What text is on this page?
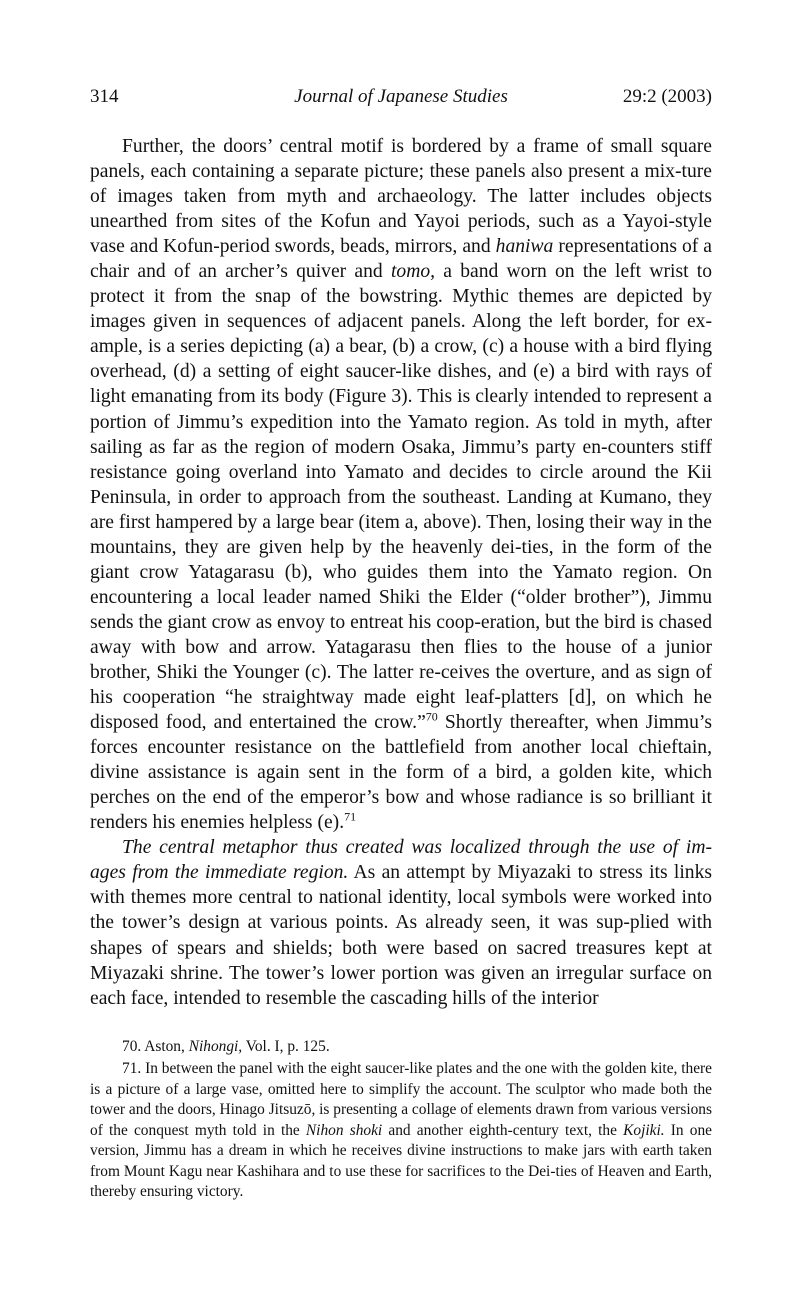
314	Journal of Japanese Studies	29:2 (2003)

Further, the doors’ central motif is bordered by a frame of small square panels, each containing a separate picture; these panels also present a mix-ture of images taken from myth and archaeology. The latter includes objects unearthed from sites of the Kofun and Yayoi periods, such as a Yayoi-style vase and Kofun-period swords, beads, mirrors, and haniwa representations of a chair and of an archer’s quiver and tomo, a band worn on the left wrist to protect it from the snap of the bowstring. Mythic themes are depicted by images given in sequences of adjacent panels. Along the left border, for ex-ample, is a series depicting (a) a bear, (b) a crow, (c) a house with a bird flying overhead, (d) a setting of eight saucer-like dishes, and (e) a bird with rays of light emanating from its body (Figure 3). This is clearly intended to represent a portion of Jimmu’s expedition into the Yamato region. As told in myth, after sailing as far as the region of modern Osaka, Jimmu’s party en-counters stiff resistance going overland into Yamato and decides to circle around the Kii Peninsula, in order to approach from the southeast. Landing at Kumano, they are first hampered by a large bear (item a, above). Then, losing their way in the mountains, they are given help by the heavenly dei-ties, in the form of the giant crow Yatagarasu (b), who guides them into the Yamato region. On encountering a local leader named Shiki the Elder (“older brother”), Jimmu sends the giant crow as envoy to entreat his coop-eration, but the bird is chased away with bow and arrow. Yatagarasu then flies to the house of a junior brother, Shiki the Younger (c). The latter re-ceives the overture, and as sign of his cooperation “he straightway made eight leaf-platters [d], on which he disposed food, and entertained the crow.”$^{70}$ Shortly thereafter, when Jimmu’s forces encounter resistance on the battlefield from another local chieftain, divine assistance is again sent in the form of a bird, a golden kite, which perches on the end of the emperor’s bow and whose radiance is so brilliant it renders his enemies helpless (e).$^{71}$

The central metaphor thus created was localized through the use of im-ages from the immediate region. As an attempt by Miyazaki to stress its links with themes more central to national identity, local symbols were worked into the tower’s design at various points. As already seen, it was sup-plied with shapes of spears and shields; both were based on sacred treasures kept at Miyazaki shrine. The tower’s lower portion was given an irregular surface on each face, intended to resemble the cascading hills of the interior

70. Aston, Nihongi, Vol. I, p. 125.

71. In between the panel with the eight saucer-like plates and the one with the golden kite, there is a picture of a large vase, omitted here to simplify the account. The sculptor who made both the tower and the doors, Hinago Jitsuzō, is presenting a collage of elements drawn from various versions of the conquest myth told in the Nihon shoki and another eighth-century text, the Kojiki. In one version, Jimmu has a dream in which he receives divine instructions to make jars with earth taken from Mount Kagu near Kashihara and to use these for sacrifices to the Dei-ties of Heaven and Earth, thereby ensuring victory.
